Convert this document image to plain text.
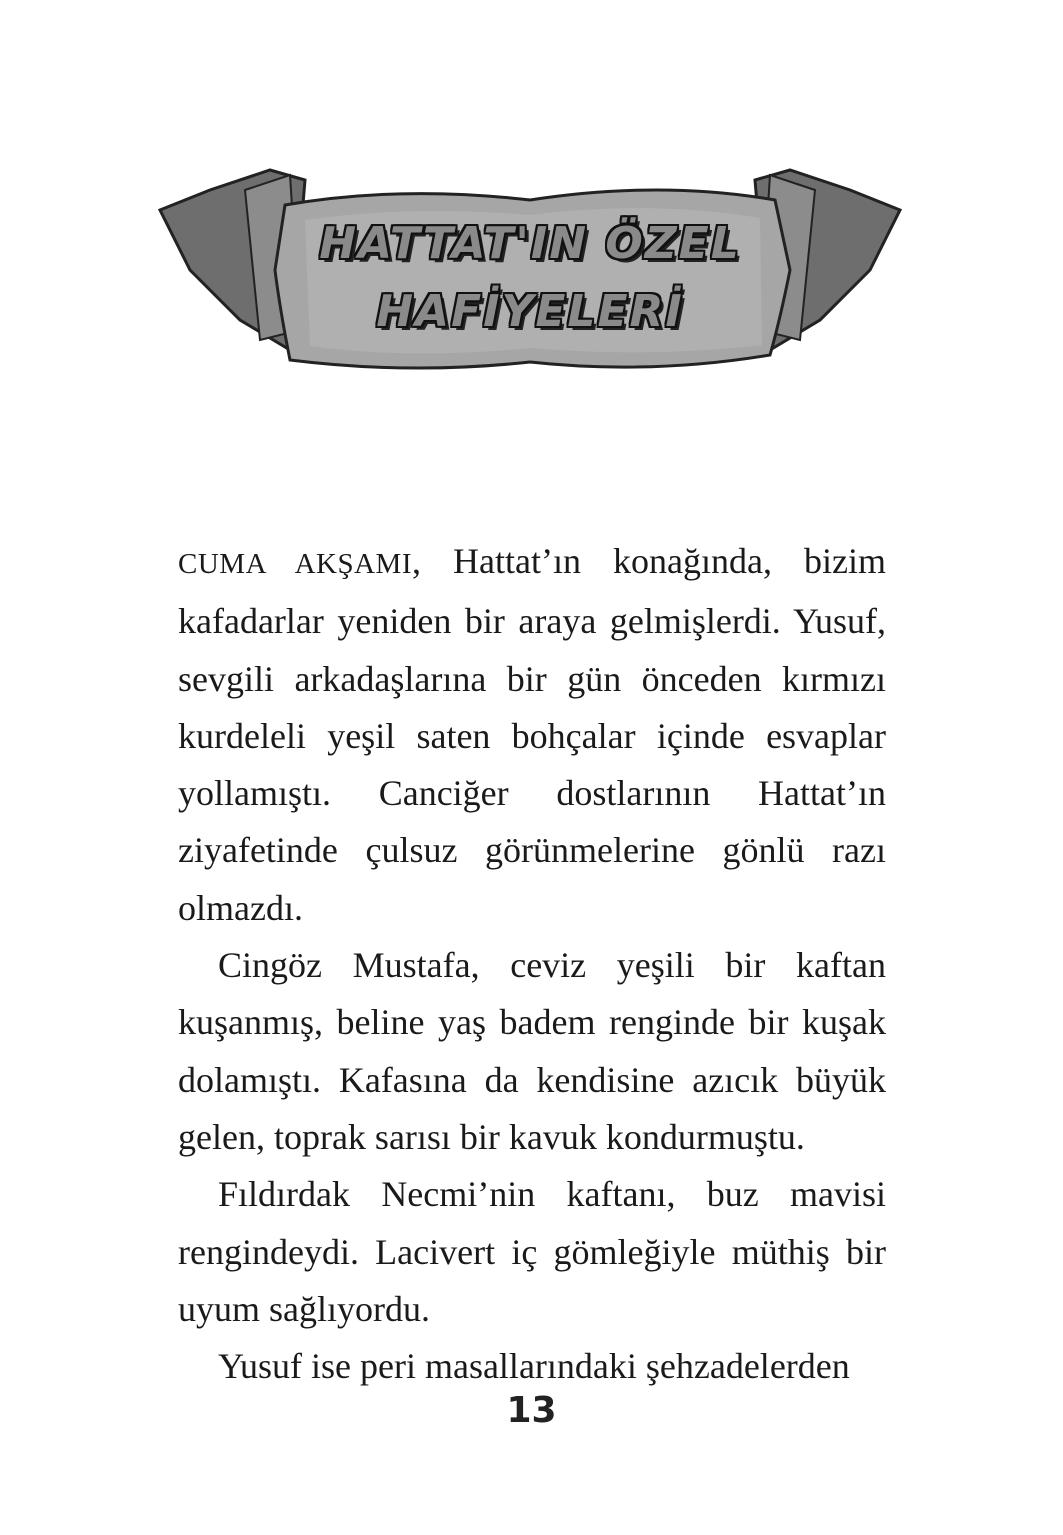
HATTAT'IN ÖZEL
HAFİYELERİ

CUMA AKŞAMI, Hattat’ın konağında, bizim kafadarlar yeniden bir araya gelmişlerdi. Yusuf, sevgili arkadaşlarına bir gün önceden kırmızı kurdeleli yeşil saten bohçalar içinde esvaplar yollamıştı. Canciğer dostlarının Hattat’ın ziyafetinde çulsuz görünmelerine gönlü razı olmazdı.

Cingöz Mustafa, ceviz yeşili bir kaftan kuşanmış, beline yaş badem renginde bir kuşak dolamıştı. Kafasına da kendisine azıcık büyük gelen, toprak sarısı bir kavuk kondurmuştu.

Fıldırdak Necmi’nin kaftanı, buz mavisi rengindeydi. Lacivert iç gömleğiyle müthiş bir uyum sağlıyordu.

Yusuf ise peri masallarındaki şehzadelerden

13
